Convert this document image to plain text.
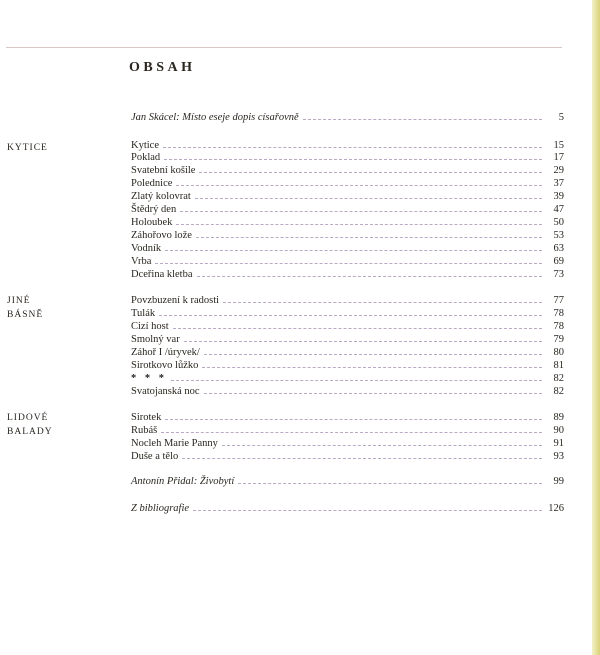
OBSAH
KYTICE
JINÉ
BÁSNĚ
LIDOVÉ
BALADY
Jan Skácel: Místo eseje dopis císařovně	5
Kytice	15
Poklad	17
Svatební košile	29
Polednice	37
Zlatý kolovrat	39
Štědrý den	47
Holoubek	50
Záhořovo lože	53
Vodník	63
Vrba	69
Dceřina kletba	73
Povzbuzení k radosti	77
Tulák	78
Cizí host	78
Smolný var	79
Záhoř I /úryvek/	80
Sirotkovo lůžko	81
* * *	82
Svatojanská noc	82
Sirotek	89
Rubáš	90
Nocleh Marie Panny	91
Duše a tělo	93
Antonín Přidal: Živobytí	99
Z bibliografie	126
